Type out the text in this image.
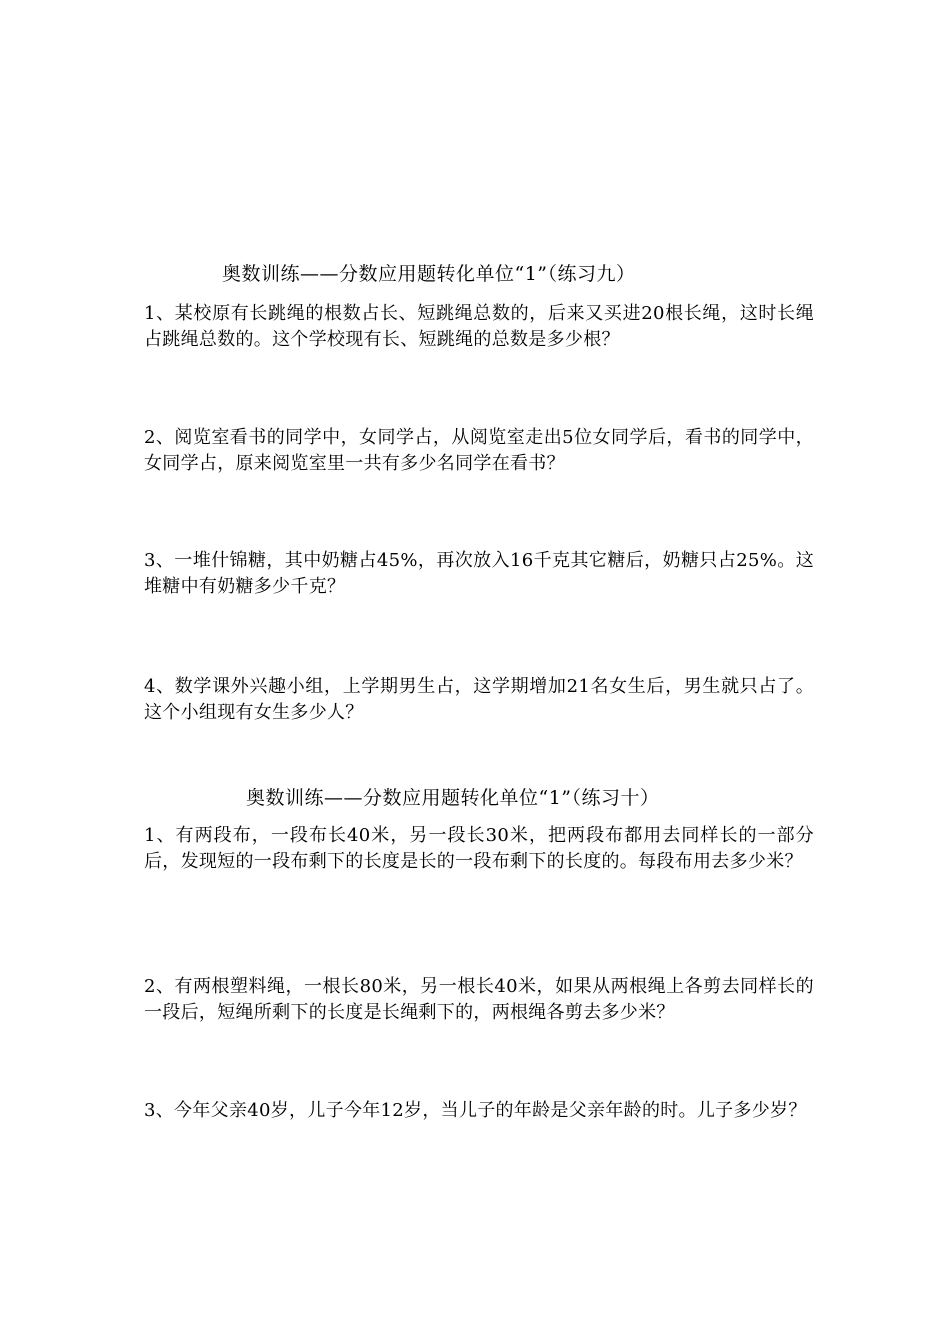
奥数训练——分数应用题转化单位“1”（练习九）
1、某校原有长跳绳的根数占长、短跳绳总数的，后来又买进20根长绳，这时长绳占跳绳总数的。这个学校现有长、短跳绳的总数是多少根？
2、阅览室看书的同学中，女同学占，从阅览室走出5位女同学后，看书的同学中，女同学占，原来阅览室里一共有多少名同学在看书？
3、一堆什锦糖，其中奶糖占45%，再次放入16千克其它糖后，奶糖只占25%。这堆糖中有奶糖多少千克？
4、数学课外兴趣小组，上学期男生占，这学期增加21名女生后，男生就只占了。这个小组现有女生多少人？
奥数训练——分数应用题转化单位“1”（练习十）
1、有两段布，一段布长40米，另一段长30米，把两段布都用去同样长的一部分后，发现短的一段布剩下的长度是长的一段布剩下的长度的。每段布用去多少米？
2、有两根塑料绳，一根长80米，另一根长40米，如果从两根绳上各剪去同样长的一段后，短绳所剩下的长度是长绳剩下的，两根绳各剪去多少米？
3、今年父亲40岁，儿子今年12岁，当儿子的年龄是父亲年龄的时。儿子多少岁？
